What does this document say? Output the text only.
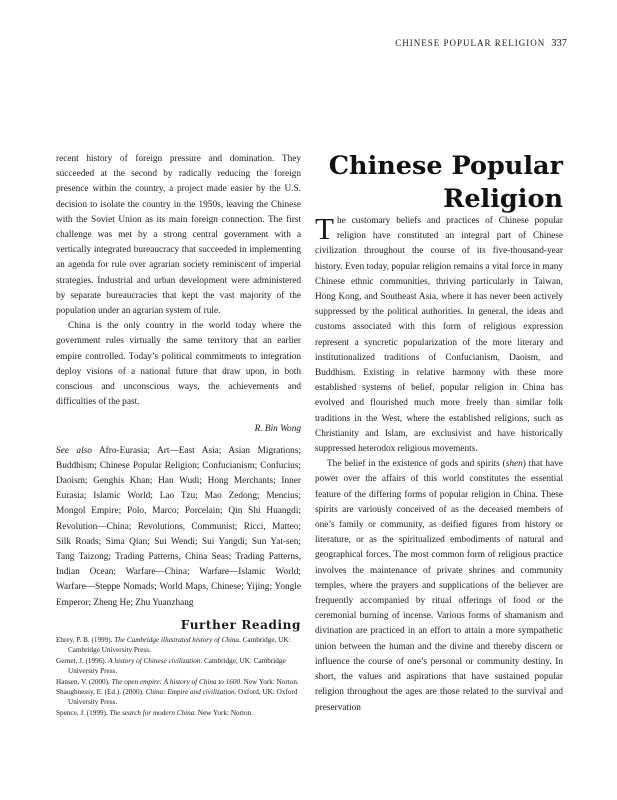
CHINESE POPULAR RELIGION 337

recent history of foreign pressure and domination. They succeeded at the second by radically reducing the foreign presence within the country, a project made easier by the U.S. decision to isolate the country in the 1950s, leaving the Chinese with the Soviet Union as its main foreign connection. The first challenge was met by a strong central government with a vertically integrated bureaucracy that succeeded in implementing an agenda for rule over agrarian society reminiscent of imperial strategies. Industrial and urban development were administered by separate bureaucracies that kept the vast majority of the population under an agrarian system of rule.

China is the only country in the world today where the government rules virtually the same territory that an earlier empire controlled. Today’s political commitments to integration deploy visions of a national future that draw upon, in both conscious and unconscious ways, the achievements and difficulties of the past.

R. Bin Wong

See also Afro-Eurasia; Art—East Asia; Asian Migrations; Buddhism; Chinese Popular Religion; Confucianism; Confucius; Daoism; Genghis Khan; Han Wudi; Hong Merchants; Inner Eurasia; Islamic World; Lao Tzu; Mao Zedong; Mencius; Mongol Empire; Polo, Marco; Porcelain; Qin Shi Huangdi; Revolution—China; Revolutions, Communist; Ricci, Matteo; Silk Roads; Sima Qian; Sui Wendi; Sui Yangdi; Sun Yat-sen; Tang Taizong; Trading Patterns, China Seas; Trading Patterns, Indian Ocean; Warfare—China; Warfare—Islamic World; Warfare—Steppe Nomads; World Maps, Chinese; Yijing; Yongle Emperor; Zheng He; Zhu Yuanzhang

Further Reading

Ebrey, P. B. (1999). The Cambridge illustrated history of China. Cambridge, UK: Cambridge University Press.

Gernet, J. (1996). A history of Chinese civilization. Cambridge, UK: Cambridge University Press.

Hansen, V. (2000). The open empire: A history of China to 1600. New York: Norton.

Shaughnessy, E. (Ed.). (2000). China: Empire and civilization. Oxford, UK: Oxford University Press.

Spence, J. (1999). The search for modern China. New York: Norton.

Chinese Popular
Religion

The customary beliefs and practices of Chinese popular religion have constituted an integral part of Chinese civilization throughout the course of its five-thousand-year history. Even today, popular religion remains a vital force in many Chinese ethnic communities, thriving particularly in Taiwan, Hong Kong, and Southeast Asia, where it has never been actively suppressed by the political authorities. In general, the ideas and customs associated with this form of religious expression represent a syncretic popularization of the more literary and institutionalized traditions of Confucianism, Daoism, and Buddhism. Existing in relative harmony with these more established systems of belief, popular religion in China has evolved and flourished much more freely than similar folk traditions in the West, where the established religions, such as Christianity and Islam, are exclusivist and have historically suppressed heterodox religious movements.

The belief in the existence of gods and spirits (shen) that have power over the affairs of this world constitutes the essential feature of the differing forms of popular religion in China. These spirits are variously conceived of as the deceased members of one’s family or community, as deified figures from history or literature, or as the spiritualized embodiments of natural and geographical forces. The most common form of religious practice involves the maintenance of private shrines and community temples, where the prayers and supplications of the believer are frequently accompanied by ritual offerings of food or the ceremonial burning of incense. Various forms of shamanism and divination are practiced in an effort to attain a more sympathetic union between the human and the divine and thereby discern or influence the course of one’s personal or community destiny. In short, the values and aspirations that have sustained popular religion throughout the ages are those related to the survival and preservation
